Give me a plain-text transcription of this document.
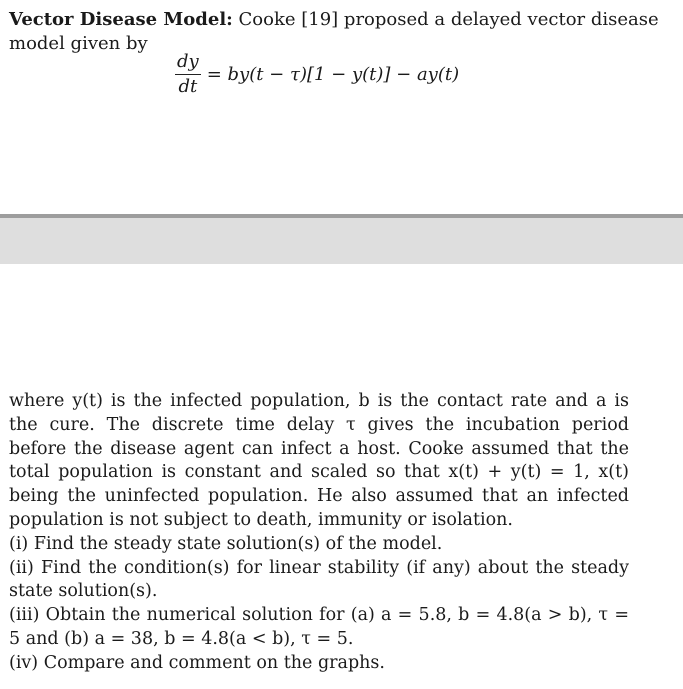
Vector Disease Model: Cooke [19] proposed a delayed vector disease model given by
$\frac{dy}{dt} = by(t - \tau)[1 - y(t)] - ay(t)$

where y(t) is the infected population, b is the contact rate and a is the cure. The discrete time delay τ gives the incubation period before the disease agent can infect a host. Cooke assumed that the total population is constant and scaled so that x(t) + y(t) = 1, x(t) being the uninfected population. He also assumed that an infected population is not subject to death, immunity or isolation.

(i) Find the steady state solution(s) of the model.

(ii) Find the condition(s) for linear stability (if any) about the steady state solution(s).

(iii) Obtain the numerical solution for (a) a = 5.8, b = 4.8(a > b), τ = 5 and (b) a = 38, b = 4.8(a < b), τ = 5.

(iv) Compare and comment on the graphs.
